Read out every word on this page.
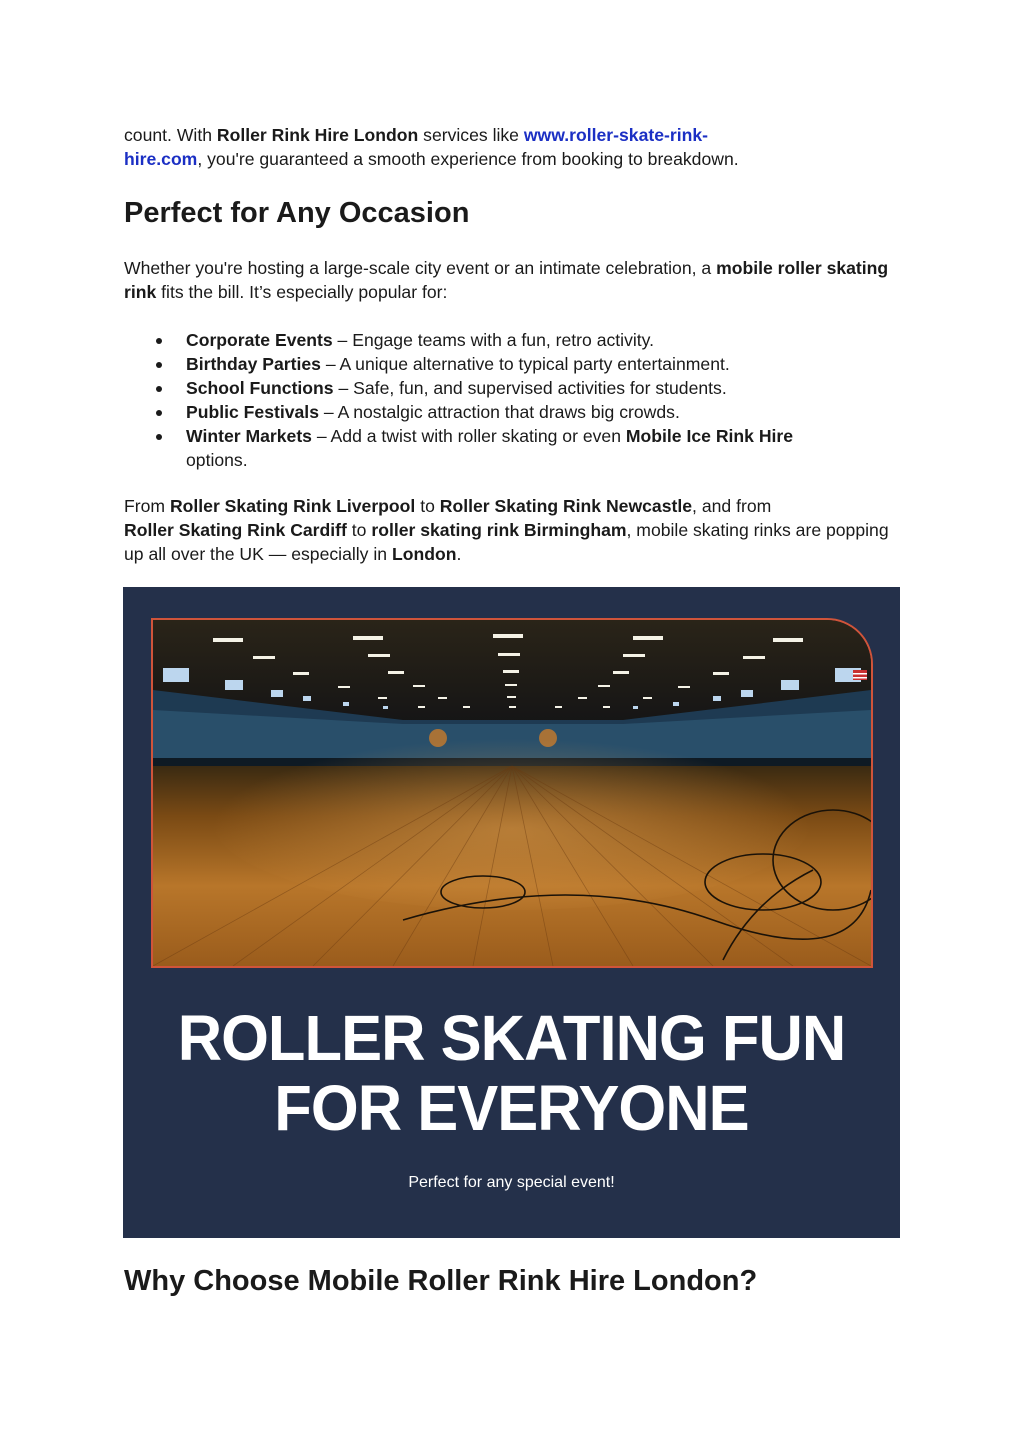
count. With Roller Rink Hire London services like www.roller-skate-rink-
hire.com, you're guaranteed a smooth experience from booking to breakdown.

Perfect for Any Occasion

Whether you're hosting a large-scale city event or an intimate celebration, a mobile roller skating rink fits the bill. It’s especially popular for:

Corporate Events – Engage teams with a fun, retro activity.
Birthday Parties – A unique alternative to typical party entertainment.
School Functions – Safe, fun, and supervised activities for students.
Public Festivals – A nostalgic attraction that draws big crowds.
Winter Markets – Add a twist with roller skating or even Mobile Ice Rink Hire
options.

From Roller Skating Rink Liverpool to Roller Skating Rink Newcastle, and from
Roller Skating Rink Cardiff to roller skating rink Birmingham, mobile skating rinks are popping up all over the UK — especially in London.

Why Choose Mobile Roller Rink Hire London?
ROLLER SKATING FUN
FOR EVERYONE
Perfect for any special event!
